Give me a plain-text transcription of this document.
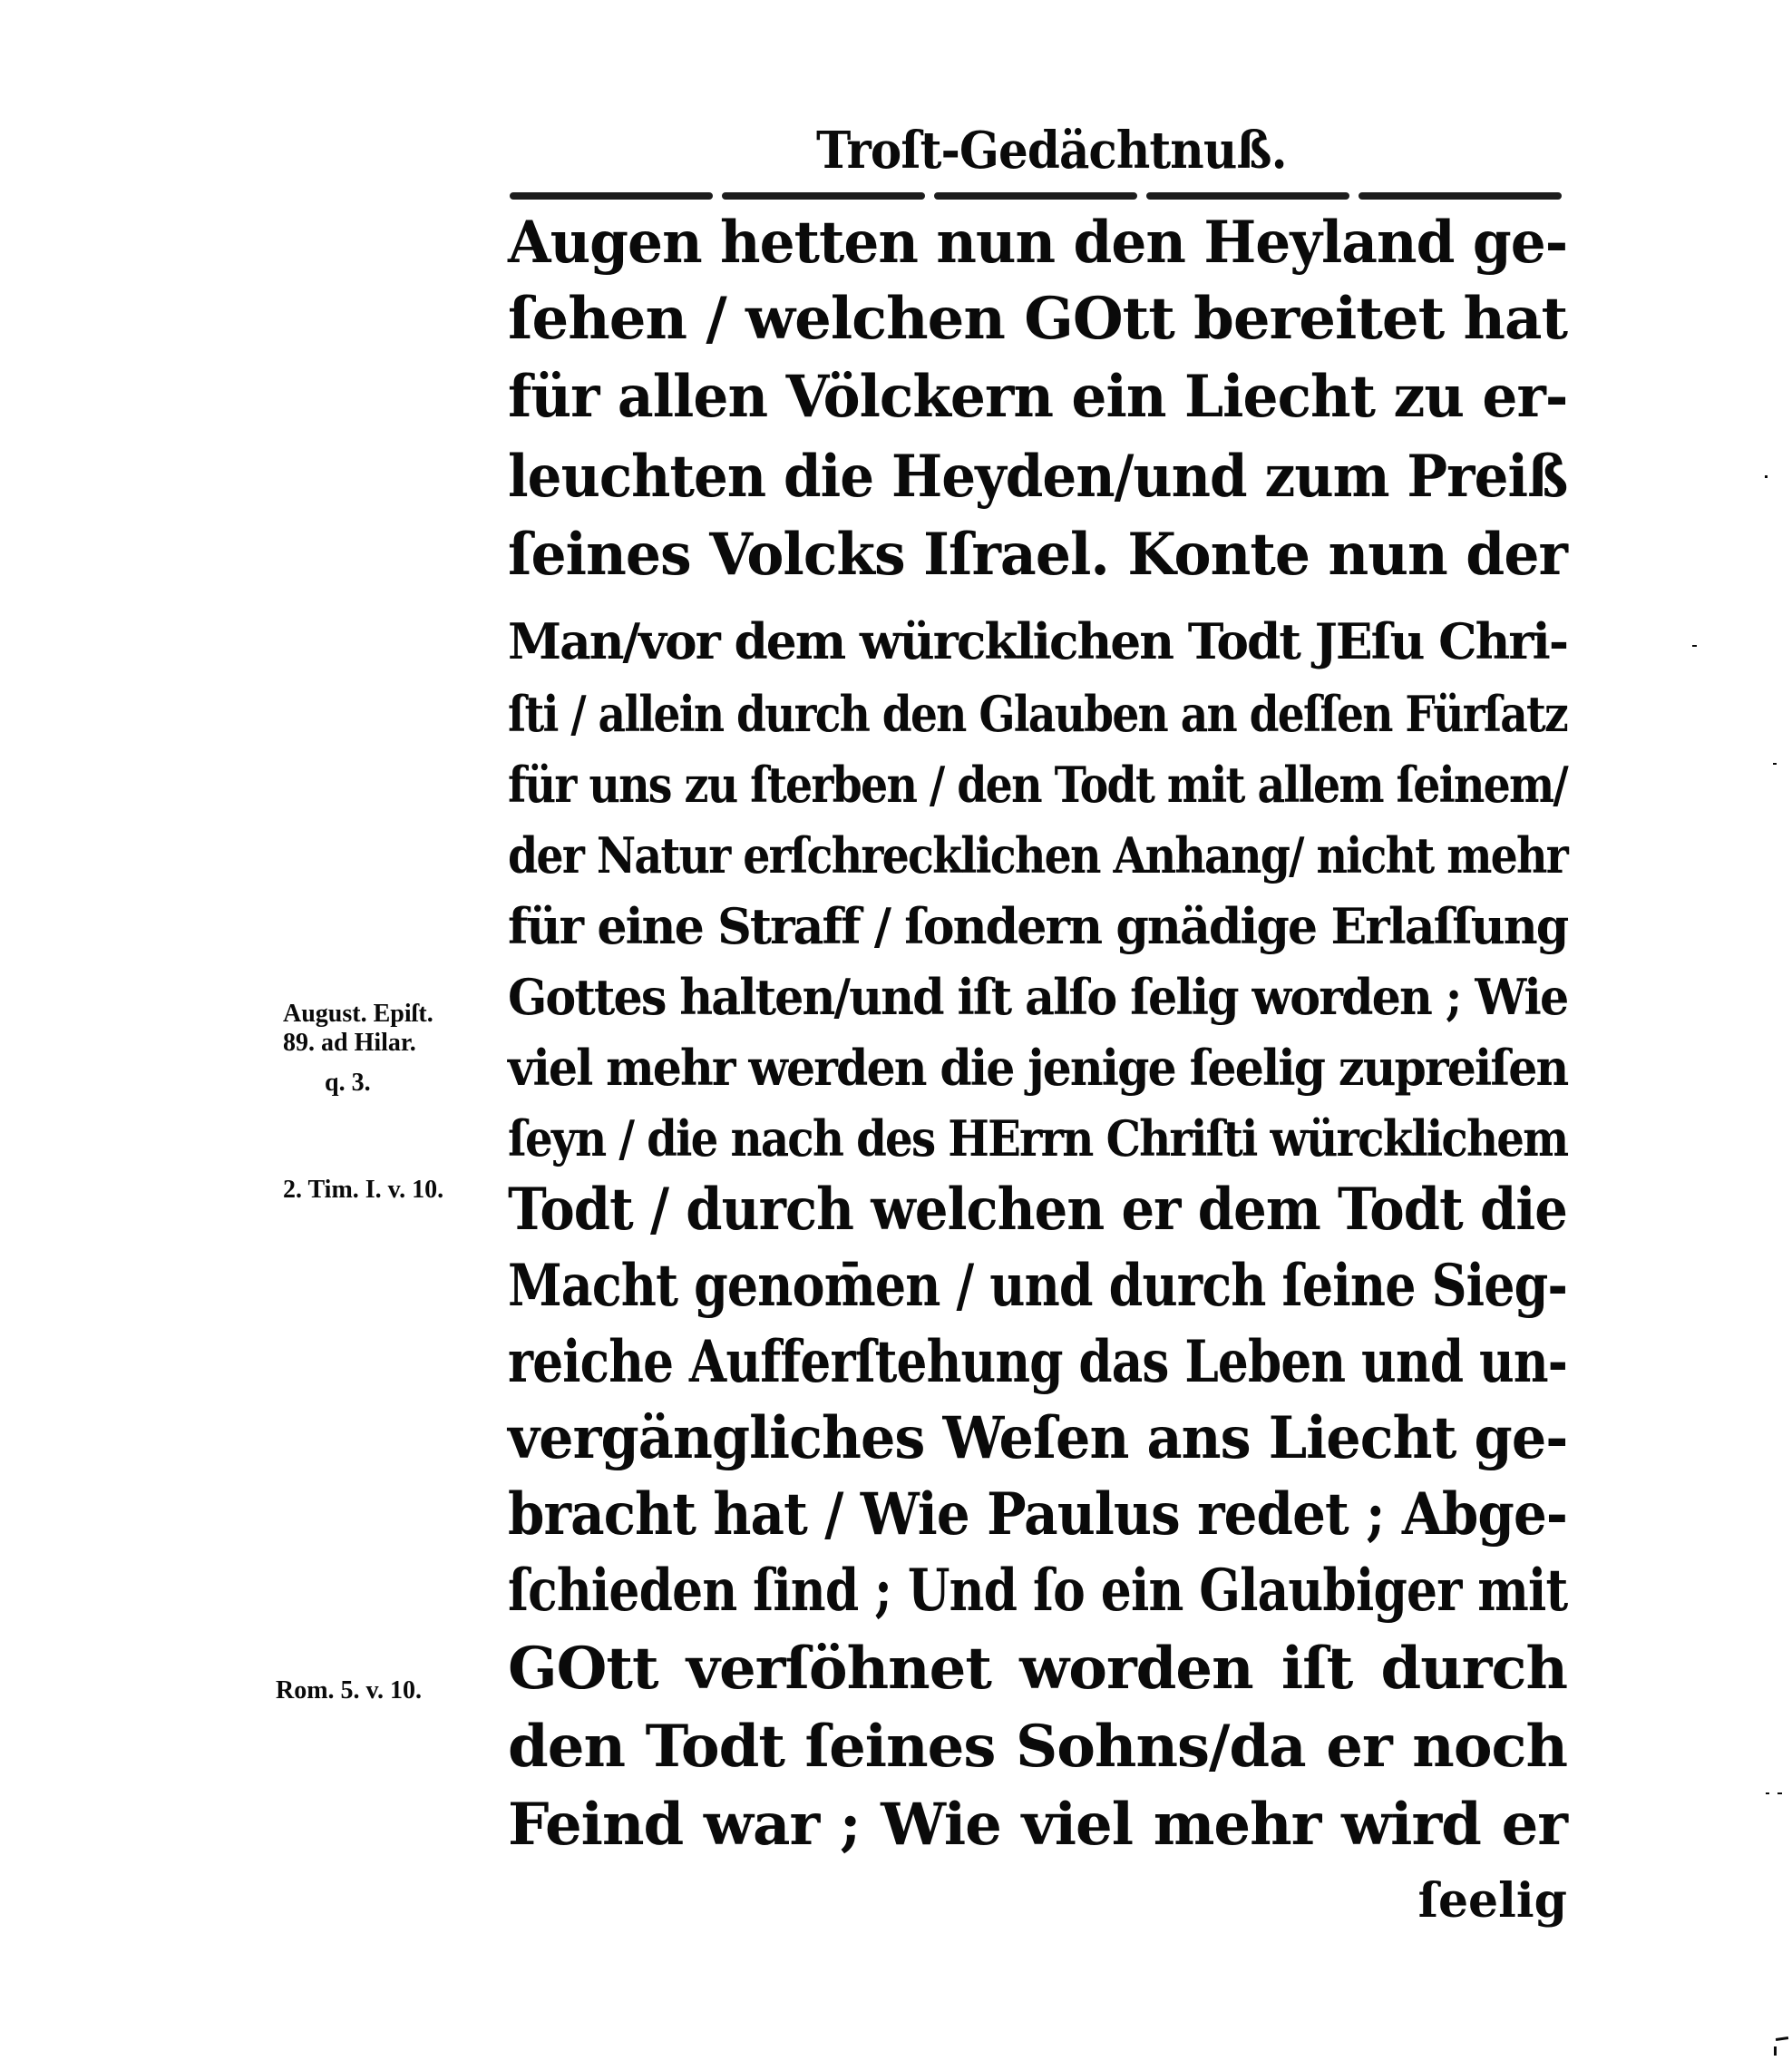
Troſt-Gedächtnuß.
Augen hetten nun den Heyland ge-
ſehen / welchen GOtt bereitet hat
für allen Völckern ein Liecht zu er-
leuchten die Heyden/und zum Preiß
ſeines Volcks Iſrael. Konte nun der
Man/vor dem würcklichen Todt JEſu Chri-
ſti / allein durch den Glauben an deſſen Fürſatz
für uns zu ſterben / den Todt mit allem ſeinem/
der Natur erſchrecklichen Anhang/ nicht mehr
für eine Straff / ſondern gnädige Erlaſſung
Gottes halten/und iſt alſo ſelig worden ; Wie
viel mehr werden die jenige ſeelig zupreiſen
ſeyn / die nach des HErrn Chriſti würcklichem
Todt / durch welchen er dem Todt die
Macht genom̄en / und durch ſeine Sieg-
reiche Aufferſtehung das Leben und un-
vergängliches Weſen ans Liecht ge-
bracht hat / Wie Paulus redet ; Abge-
ſchieden ſind ; Und ſo ein Glaubiger mit
GOtt verſöhnet worden iſt durch
den Todt ſeines Sohns/da er noch
Feind war ; Wie viel mehr wird er
ſeelig
August. Epiſt.
89. ad Hilar.
q. 3.
2. Tim. I. v. 10.
Rom. 5. v. 10.
